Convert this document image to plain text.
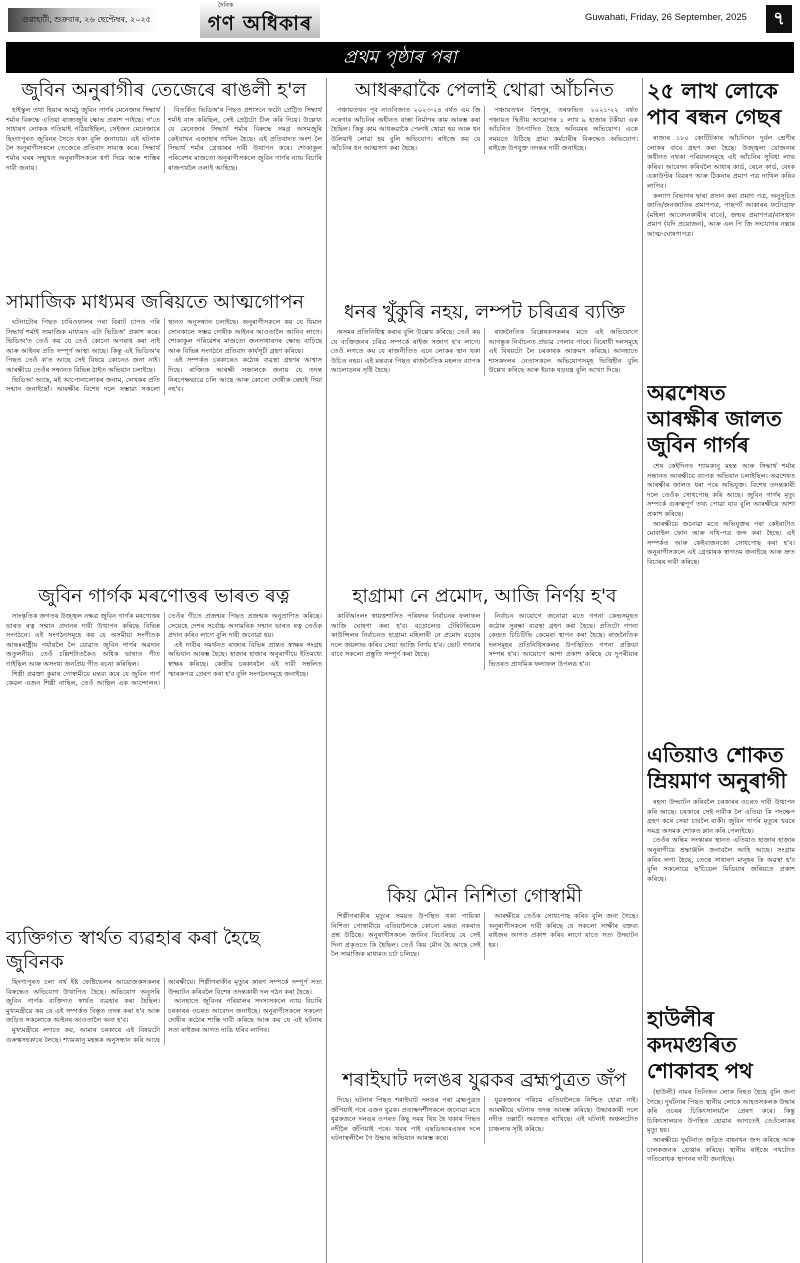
গুৱাহাটী, শুক্ৰবাৰ, ২৬ ছেপ্টেম্বৰ, ২০২৫
দৈনিক
গণ অধিকাৰ	Guwahati, Friday, 26 September, 2025	৭
প্ৰথম পৃষ্ঠাৰ পৰা
জুবিন অনুৰাগীৰ তেজেৰে ৰাঙলী হ'ল

হাইস্কুল তথা হিয়াৰ আমঠু জুবিন গাৰ্গৰ মেনেজাৰ সিদ্ধাৰ্থ শৰ্মাৰ বিৰুদ্ধে এতিয়া ৰাজ্যজুৰি ক্ষোভ প্ৰকাশ পাইছে। গ'তে সাধাৰণ লোকক গতিয়াই পঠিয়াইছিল, সেইজন মেনেজাৰে ছিংগাপুৰত জুবিনৰ সৈতে থকা বুলি জনাযায়। এই ঘটনাক লৈ অনুৰাগীসকলে তেজেৰে প্ৰতিবাদ সাব্যস্ত কৰে। সিদ্ধাৰ্থ শৰ্মাৰ ঘৰৰ সন্মুখত অনুৰাগীসকলে ধৰ্ণা দিয়ে আৰু শাস্তিৰ দাবী জনায়।

বিতৰ্কিত ভিডিঅ'ৰ পিছত প্ৰশাসনে ফটো প্ৰেট্টিত সিদ্ধাৰ্থ শৰ্মাই বাস কৰিছিল, সেই প্ৰেট্টটো চীল কৰি দিয়ে। উল্লেখ্য যে মেনেজাৰ সিদ্ধাৰ্থ শৰ্মাৰ বিৰুদ্ধে সমগ্ৰ অসমজুৰি কেইবাখন এজাহাৰ দাখিল হৈছে। এই প্ৰতিবাদত অংশ লৈ সিদ্ধাৰ্থ শৰ্মাৰ গ্ৰেপ্তাৰৰ দাবী উত্থাপন কৰে। শোকাকুল পৰিবেশৰ মাজতো অনুৰাগীসকলে জুবিন গাৰ্গৰ ন্যায় বিচাৰি ৰাজপথলৈ ওলাই আহিছে।

সামাজিক মাধ্যমৰ জৰিয়তে আত্মগোপন

ঘটনাটোৰ পিছত চাৰিওফালৰ পৰা বিৰাট চাপত পৰি সিদ্ধাৰ্থ শৰ্মাই সামাজিক মাধ্যমত এটা ভিডিঅ' প্ৰকাশ কৰে। ভিডিঅ'ত তেওঁ কয় যে তেওঁ কোনো অপৰাধ কৰা নাই আৰু আইনৰ প্ৰতি সম্পূৰ্ণ আস্থা আছে। কিন্তু এই ভিডিঅ'ৰ পিছত তেওঁ ক'ত আছে সেই বিষয়ে কোনেও জনা নাই। আৰক্ষীয়ে তেওঁৰ সন্ধানত বিভিন্ন ঠাইত অভিযান চলাইছে।

ভিডিঅ' আছে, মই আপোনালোকৰ জনাম, লেখকৰ প্ৰতি সন্মান জনাইছোঁ। আৰক্ষীৰ বিশেষ দলে সম্ভাৱ্য সকলো স্থানত অনুসন্ধান চলাইছে। অনুৰাগীসকলে কয় যে যিমান সোনকালে সম্ভৱ দোষীক আইনৰ আওতালৈ আনিব লাগে। শোকাকুল পৰিৱেশৰ মাজতো জনসাধাৰণৰ ক্ষোভ বাঢ়িছে আৰু বিভিন্ন সংগঠনে প্ৰতিবাদ কাৰ্যসূচী গ্ৰহণ কৰিছে।

এই সম্পৰ্কত চৰকাৰেও কঠোৰ ব্যৱস্থা গ্ৰহণৰ আশ্বাস দিছে। ৰাজ্যিক আৰক্ষী সঞ্চালকে জনায় যে তদন্ত নিৰপেক্ষভাৱে চলি আছে আৰু কোনো দোষীক ৰেহাই দিয়া নহ'ব।

জুবিন গাৰ্গক মৰণোত্তৰ ভাৰত ৰত্ন

সাংস্কৃতিক জগতৰ উজ্জ্বল নক্ষত্ৰ জুবিন গাৰ্গক মৰণোত্তৰ ভাৰত ৰত্ন সন্মান প্ৰদানৰ দাবী উত্থাপন কৰিছে বিভিন্ন সংগঠনে। এই সংগঠনসমূহে কয় যে অসমীয়া সংগীতক আন্তঃৰাষ্ট্ৰীয় পৰ্যায়লৈ লৈ যোৱাত জুবিন গাৰ্গৰ অৱদান অতুলনীয়। তেওঁ চল্লিশটাতকৈও অধিক ভাষাত গীত গাইছিল আৰু অসংখ্য জনপ্ৰিয় গীত ৰচনা কৰিছিল।

শিল্পী প্ৰৱক্তা কুমাৰ গোস্বামীয়ে মন্তব্য কৰে যে জুবিন গাৰ্গ কেৱল এজন শিল্পী নাছিল, তেওঁ আছিল এক আন্দোলন। তেওঁৰ গীতে প্ৰজন্মৰ পিছত প্ৰজন্মক অনুপ্ৰাণিত কৰিছে। সেয়েহে দেশৰ সৰ্বোচ্চ অসামৰিক সন্মান ভাৰত ৰত্ন তেওঁক প্ৰদান কৰিব লাগে বুলি দাবী জনোৱা হয়।

এই দাবীৰ সমৰ্থনত ৰাজ্যৰ বিভিন্ন প্ৰান্তত স্বাক্ষৰ সংগ্ৰহ অভিযান আৰম্ভ হৈছে। হাজাৰ হাজাৰ অনুৰাগীয়ে ইতিমধ্যে স্বাক্ষৰ কৰিছে। কেন্দ্ৰীয় চৰকাৰলৈ এই দাবী সম্বলিত স্মাৰকপত্ৰ প্ৰেৰণ কৰা হ'ব বুলি সংগঠনসমূহে জনাইছে।

ব্যক্তিগত স্বাৰ্থত ব্যৱহাৰ কৰা হৈছে জুবিনক

ছিংগাপুৰত চলা নৰ্থ ইষ্ট ফেষ্টিভেলৰ আয়োজকসকলৰ বিৰুদ্ধেও অভিযোগ উত্থাপিত হৈছে। অভিযোগ অনুসৰি জুবিন গাৰ্গক ব্যক্তিগত স্বাৰ্থত ব্যৱহাৰ কৰা হৈছিল। মুখ্যমন্ত্ৰীয়ে কয় যে এই সম্পৰ্কত বিস্তৃত তদন্ত কৰা হ'ব আৰু জড়িত সকলোকে আইনৰ আওতালৈ অনা হ'ব।

মুখ্যমন্ত্ৰীয়ে লগতে কয়, আমাৰ চৰকাৰে এই বিষয়টো গুৰুত্বসহকাৰে লৈছে। শ্যামকানু মহন্তক অনুসন্ধান কৰি আছে আৰক্ষীয়ে। শিল্পীগৰাকীৰ মৃত্যুৰ কাৰণ সম্পৰ্কে সম্পূৰ্ণ সত্য উদ্ঘাটন কৰিবলৈ বিশেষ তদন্তকাৰী দল গঠন কৰা হৈছে।

আনহাতে জুবিনৰ পৰিয়ালৰ সদস্যসকলে ন্যায় বিচাৰি চৰকাৰৰ ওচৰত আবেদন জনাইছে। অনুৰাগীসকলে সকলো দোষীৰ কঠোৰ শাস্তি দাবী কৰিছে আৰু কয় যে এই ঘটনাৰ সত্য ৰাইজৰ আগত দাঙি ধৰিব লাগিব।

আধৰুৱাকৈ পেলাই থোৱা আঁচনিত

পঞ্চায়তখন পূব নাওবিজাত ২০২৩-২৪ বৰ্ষত এম জি নৰেগাৰ আঁচনিৰ অধীনত ৰাস্তা নিৰ্মাণৰ কাম আৰম্ভ কৰা হৈছিল। কিন্তু কাম আধৰুৱাকৈ পেলাই থোৱা হয় আৰু ধন উলিয়াই লোৱা হয় বুলি অভিযোগ। ৰাইজে কয় যে আঁচনিৰ ধন আত্মসাৎ কৰা হৈছে।

পঞ্চায়তখন বিহুপুৰ, তৰফভিত ২০২১-২২ বৰ্ষত পঞ্চায়ত দ্বিতীয় আয়োগৰ ১ লাখ ৯ হাজাৰ টকীয়া এক আঁচনিত উৎপাদিত হৈছে অনিয়মৰ অভিযোগ। একে সময়তে উঠিছে গ্ৰাম্য কৰ্মচাৰীৰ বিৰুদ্ধেও অভিযোগ। ৰাইজে উপযুক্ত তদন্তৰ দাবী জনাইছে।

ধনৰ খুঁকুৰি নহয়, লম্পট চৰিত্ৰৰ ব্যক্তি

অসমৰ প্ৰতিনিধিত্ব কৰাৰ বুলি উল্লেখ কৰিছে। তেওঁ কয় যে ব্যক্তিজনৰ চৰিত্ৰ সম্পৰ্কে ৰাইজ সজাগ হ'ব লাগে। তেওঁ লগতে কয় যে ৰাজনীতিত এনে লোকৰ স্থান থকা উচিত নহয়। এই মন্তব্যৰ পিছত ৰাজনৈতিক মহলত ব্যাপক আলোড়নৰ সৃষ্টি হৈছে।

ৰাজনৈতিক বিশ্লেষকসকলৰ মতে এই অভিযোগে আগন্তুক নিৰ্বাচনত প্ৰভাৱ পেলাব পাৰে। বিৰোধী দলসমূহে এই বিষয়টো লৈ চৰকাৰক আক্ৰমণ কৰিছে। আনহাতে শাসকদলৰ নেতাসকলে অভিযোগসমূহ ভিত্তিহীন বুলি উল্লেখ কৰিছে আৰু ইয়াক ষড়যন্ত্ৰ বুলি আখ্যা দিছে।

হাগ্ৰামা নে প্ৰমোদ, আজি নিৰ্ণয় হ'ব

কাৰ্বিআংলং স্বায়ত্তশাসিত পৰিষদৰ নিৰ্বাচনৰ ফলাফল আজি ঘোষণা কৰা হ'ব। বড়োলেণ্ড টেৰিটৰিয়েল কাউন্সিলৰ নিৰ্বাচনত হাগ্ৰামা মহিলাৰী নে প্ৰমোদ বড়োৰ দলে জয়লাভ কৰিব সেয়া আজি নিৰ্ণয় হ'ব। ভোট গণনাৰ বাবে সকলো প্ৰস্তুতি সম্পূৰ্ণ কৰা হৈছে।

নিৰ্বাচন আয়োগে জনোৱা মতে গণনা কেন্দ্ৰসমূহত কঠোৰ সুৰক্ষা ব্যৱস্থা গ্ৰহণ কৰা হৈছে। প্ৰতিটো গণনা কেন্দ্ৰত চিচিটিভি কেমেৰা স্থাপন কৰা হৈছে। ৰাজনৈতিক দলসমূহৰ প্ৰতিনিধিসকলৰ উপস্থিতিত গণনা প্ৰক্ৰিয়া সম্পন্ন হ'ব। আয়োগে আশা প্ৰকাশ কৰিছে যে দুপৰীয়াৰ ভিতৰত প্ৰাথমিক ফলাফল উপলব্ধ হ'ব।

কিয় মৌন নিশিতা গোস্বামী

শিল্পীগৰাকীৰ মৃত্যুৰ সময়ত উপস্থিত থকা গায়িকা নিশিতা গোস্বামীয়ে এতিয়ালৈকে কোনো মন্তব্য নকৰাত প্ৰশ্ন উঠিছে। অনুৰাগীসকলে জানিব বিচাৰিছে যে সেই দিনা প্ৰকৃততে কি হৈছিল। তেওঁ কিয় মৌন হৈ আছে সেই লৈ সামাজিক মাধ্যমত চৰ্চা চলিছে।

আৰক্ষীয়ে তেওঁক সোধপোছ কৰিব বুলি জনা গৈছে। অনুৰাগীসকলে দাবী কৰিছে যে সকলো সাক্ষীৰ বক্তব্য ৰাইজৰ আগত প্ৰকাশ কৰিব লাগে যাতে সত্য উদ্ঘাটন হয়।

শৰাইঘাট দলঙৰ যুৱকৰ ব্ৰহ্মপুত্ৰত জঁপ

দিছে। ঘটনাৰ পিছত শৰাইঘাট দলঙৰ পৰা ব্ৰহ্মপুত্ৰত জঁপিয়াই পৰে এজন যুৱক। প্ৰত্যক্ষদৰ্শীসকলে জনোৱা মতে যুৱকজনে দলঙৰ ওপৰত কিছু সময় থিয় হৈ থকাৰ পিছত নদীলৈ জঁপিয়াই পৰে। খবৰ পাই এছডিআৰএফৰ দলে ঘটনাস্থলীলৈ গৈ উদ্ধাৰ অভিযান আৰম্ভ কৰে।

যুৱকজনৰ পৰিচয় এতিয়ালৈকে নিশ্চিত হোৱা নাই। আৰক্ষীয়ে ঘটনাৰ তদন্ত আৰম্ভ কৰিছে। উদ্ধাৰকাৰী দলে নদীত তল্লাচী অব্যাহত ৰাখিছে। এই ঘটনাই অঞ্চলটোত চাঞ্চল্যৰ সৃষ্টি কৰিছে।

২৫ লাখ লোকে পাব ৰন্ধন গেছৰ

ৰাজ্যৰ ১৮০ কোটিটকাৰ আঁচনিখন দুৰ্বল শ্ৰেণীৰ লোকৰ বাবে গ্ৰহণ কৰা হৈছে। উজ্জ্বলা যোজনাৰ অধীনত নথকা পৰিয়ালসমূহে এই আঁচনিৰ সুবিধা লাভ কৰিব। আবেদন কৰিবলৈ আধাৰ কাৰ্ড, ৰেচন কাৰ্ড, বেংক একাউণ্টৰ বিৱৰণ আৰু ঠিকনাৰ প্ৰমাণ পত্ৰ দাখিল কৰিব লাগিব।

কল্যাণ বিভাগৰ দ্বাৰা প্ৰদান কৰা প্ৰমাণ পত্ৰ, অনুসূচিত জাতি/জনজাতিৰ প্ৰমাণপত্ৰ, পাছপৰ্ট আকাৰৰ ফটোগ্ৰাফ (মহিলা আবেদনকাৰীৰ বাবে), জন্মৰ প্ৰমাণপত্ৰ/বাসস্থান প্ৰমাণ (যদি প্ৰয়োজন), আৰু এল পি জি সংযোগৰ নক্সাৰ আত্ম-ঘোষণাপত্ৰ।

অৱশেষত আৰক্ষীৰ জালত জুবিন গাৰ্গৰ

শেষ কেইদিনত শ্যামকানু মহন্ত আৰু সিদ্ধাৰ্থ শৰ্মাৰ সন্ধানত আৰক্ষীয়ে ব্যাপক অভিযান চলাইছিল। অৱশেষত আৰক্ষীৰ জালত ধৰা পৰে অভিযুক্ত। বিশেষ তদন্তকাৰী দলে তেওঁক সোধপোছ কৰি আছে। জুবিন গাৰ্গৰ মৃত্যু সম্পৰ্কে গুৰুত্বপূৰ্ণ তথ্য পোৱা যাব বুলি আৰক্ষীয়ে আশা প্ৰকাশ কৰিছে।

আৰক্ষীয়ে জনোৱা মতে অভিযুক্তৰ পৰা কেইবাটাও মোবাইল ফোন আৰু নথি-পত্ৰ জব্দ কৰা হৈছে। এই সম্পৰ্কত আৰু কেইবাজনকো সোধপোছ কৰা হ'ব। অনুৰাগীসকলে এই গ্ৰেপ্তাৰক স্বাগতম জনাইছে আৰু দ্ৰুত বিচাৰৰ দাবী কৰিছে।

এতিয়াও শোকত ম্ৰিয়মাণ অনুৰাগী

ৰহস্য উদ্ঘাটন কৰিবলৈ চৰকাৰৰ ওচৰত দাবী উত্থাপন কৰি আছে। চৰকাৰে সেই দাবীক লৈ এতিয়া কি পদক্ষেপ গ্ৰহণ কৰে সেয়া চাবলৈ বাকী। জুবিন গাৰ্গৰ মৃত্যুৰ খবৰে সমগ্ৰ অসমক শোকত ম্লান কৰি পেলাইছে।

তেওঁৰ অন্তিম সংস্কাৰৰ স্থানত এতিয়াও হাজাৰ হাজাৰ অনুৰাগীয়ে শ্ৰদ্ধাঞ্জলি জনাবলৈ আহি আছে। সংগ্ৰাম কৰিব লগা হৈছে, তেন্তে সাধাৰণ মানুহৰ কি অৱস্থা হ'ব বুলি সকলোৱে ছ'চিয়েল মিডিয়াৰ জৰিয়তে প্ৰকাশ কৰিছে।

হাউলীৰ কদমগুৰিত শোকাবহ পথ

(হাউলী) নামৰ তিনিজন লোক নিহত হৈছে বুলি জনা গৈছে। দুৰ্ঘটনাৰ পিছত স্থানীয় লোকে আহতসকলক উদ্ধাৰ কৰি ওচৰৰ চিকিৎসালয়লৈ প্ৰেৰণ কৰে। কিন্তু চিকিৎসালয়ত উপস্থিত হোৱাৰ আগতেই তেওঁলোকৰ মৃত্যু হয়।

আৰক্ষীয়ে দুৰ্ঘটনাত জড়িত বাহনখন জব্দ কৰিছে আৰু চালকজনক গ্ৰেপ্তাৰ কৰিছে। স্থানীয় ৰাইজে পথটোত গতিৰোধক স্থাপনৰ দাবী জনাইছে।
